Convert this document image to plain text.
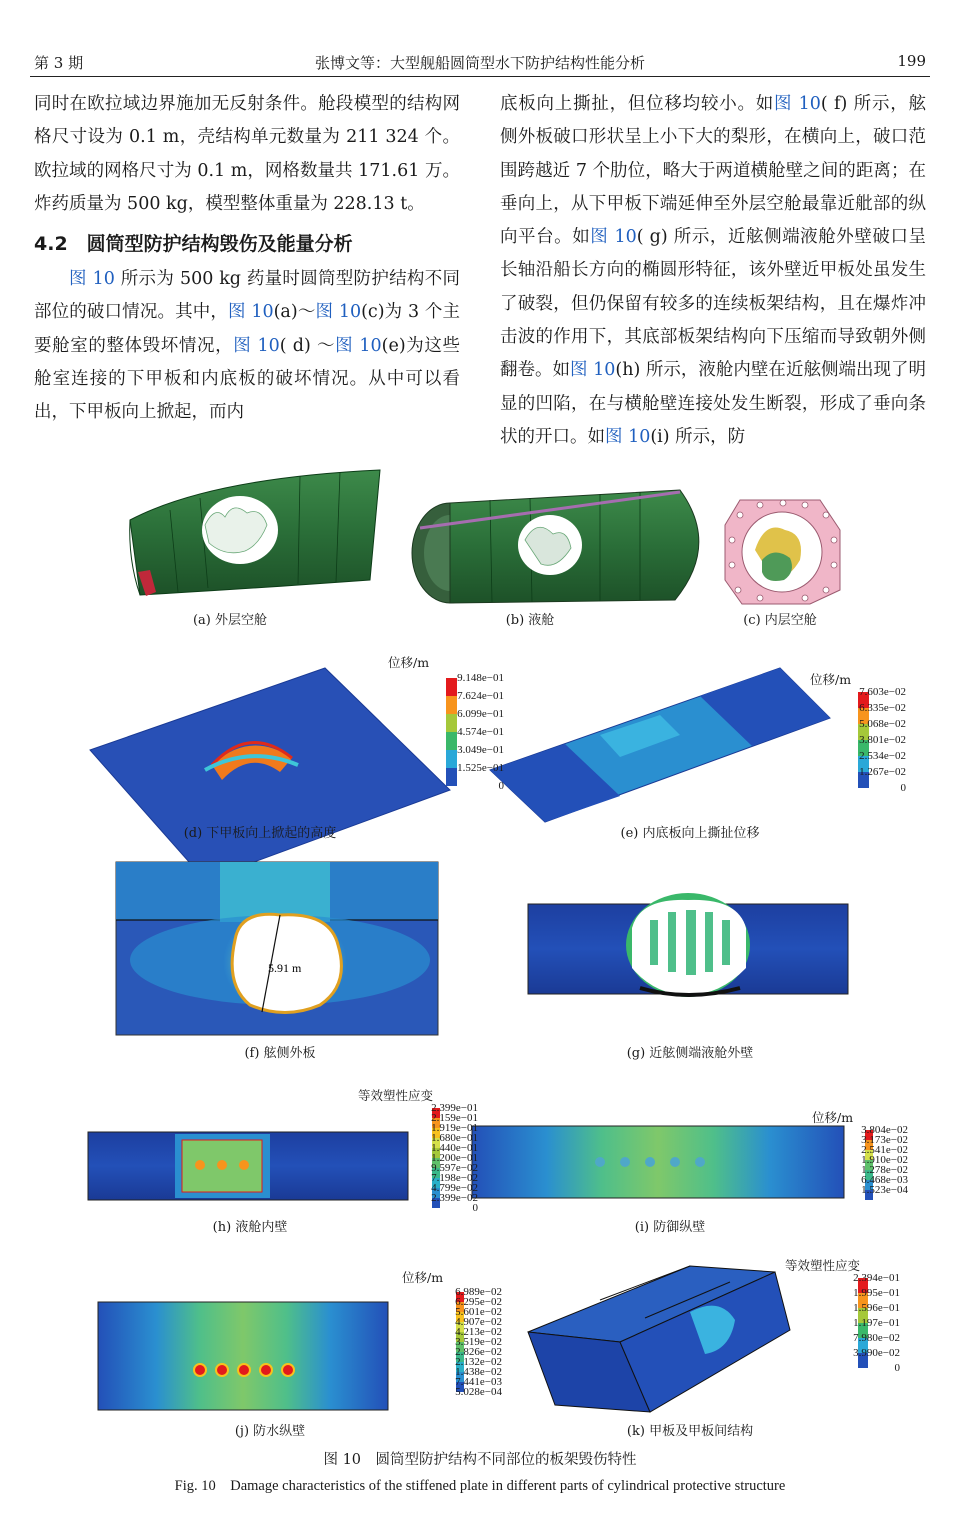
第 3 期	张博文等：大型舰船圆筒型水下防护结构性能分析	199

同时在欧拉域边界施加无反射条件。舱段模型的结构网格尺寸设为 0.1 m，壳结构单元数量为 211 324 个。欧拉域的网格尺寸为 0.1 m，网格数量共 171.61 万。炸药质量为 500 kg，模型整体重量为 228.13 t。

4.2　圆筒型防护结构毁伤及能量分析

图 10 所示为 500 kg 药量时圆筒型防护结构不同部位的破口情况。其中，图 10(a)～图 10(c)为 3 个主要舱室的整体毁坏情况，图 10( d) ～图 10(e)为这些舱室连接的下甲板和内底板的破坏情况。从中可以看出，下甲板向上掀起，而内

底板向上撕扯，但位移均较小。如图 10( f) 所示，舷侧外板破口形状呈上小下大的梨形，在横向上，破口范围跨越近 7 个肋位，略大于两道横舱壁之间的距离；在垂向上，从下甲板下端延伸至外层空舱最靠近舭部的纵向平台。如图 10( g) 所示，近舷侧端液舱外壁破口呈长轴沿船长方向的椭圆形特征，该外壁近甲板处虽发生了破裂，但仍保留有较多的连续板架结构，且在爆炸冲击波的作用下，其底部板架结构向下压缩而导致朝外侧翻卷。如图 10(h) 所示，液舱内壁在近舷侧端出现了明显的凹陷，在与横舱壁连接处发生断裂，形成了垂向条状的开口。如图 10(i) 所示，防

5.91 m
(a) 外层空舱	(b) 液舱	(c) 内层空舱
(d) 下甲板向上掀起的高度	(e) 内底板向上撕扯位移
(f) 舷侧外板	(g) 近舷侧端液舱外壁
(h) 液舱内壁	(i) 防御纵壁
(j) 防水纵壁	(k) 甲板及甲板间结构
位移/m
位移/m
等效塑性应变
位移/m
位移/m
等效塑性应变
9.148e−01
7.624e−01
6.099e−01
4.574e−01
3.049e−01
1.525e−01
0
7.603e−02
6.335e−02
5.068e−02
3.801e−02
2.534e−02
1.267e−02
0
2.399e−01
2.159e−01
1.919e−01
1.680e−01
1.440e−01
1.200e−01
9.597e−02
7.198e−02
4.799e−02
2.399e−02
0
3.804e−02
3.173e−02
2.541e−02
1.910e−02
1.278e−02
6.468e−03
1.523e−04
6.989e−02
6.295e−02
5.601e−02
4.907e−02
4.213e−02
3.519e−02
2.826e−02
2.132e−02
1.438e−02
7.441e−03
5.028e−04
2.394e−01
1.995e−01
1.596e−01
1.197e−01
7.980e−02
3.990e−02
0
图 10　圆筒型防护结构不同部位的板架毁伤特性
Fig. 10　Damage characteristics of the stiffened plate in different parts of cylindrical protective structure
